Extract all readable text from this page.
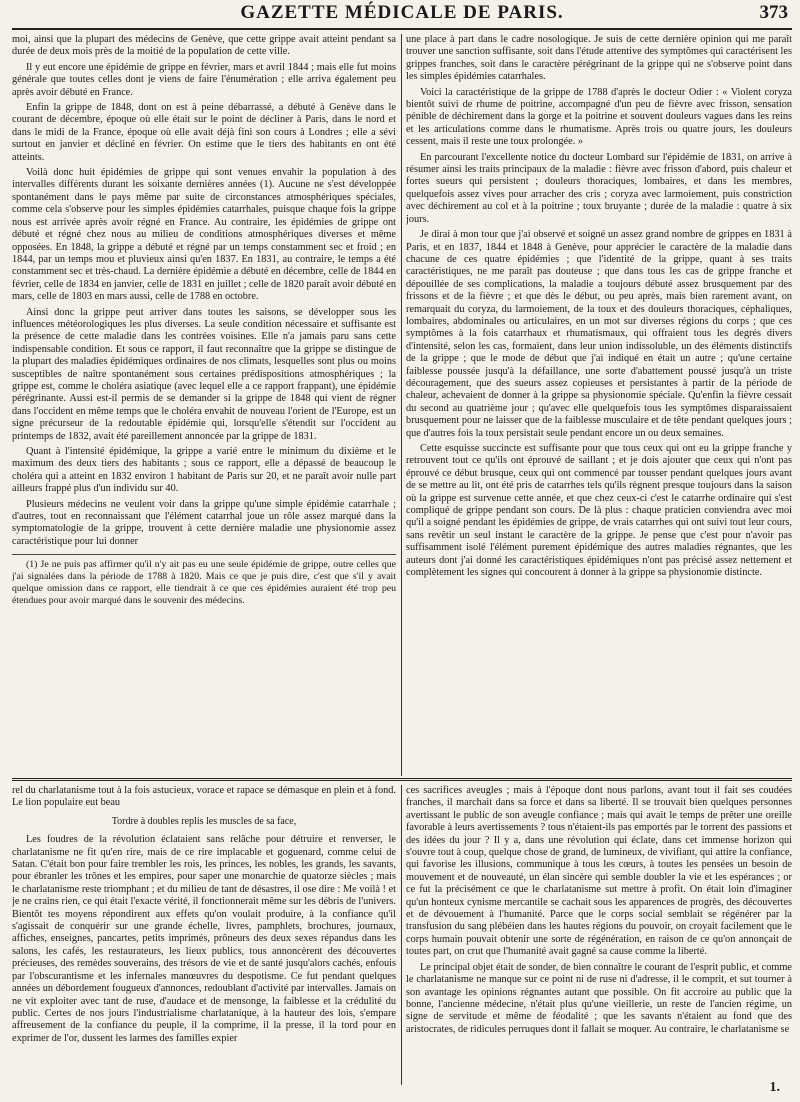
GAZETTE MÉDICALE DE PARIS.	373

moi, ainsi que la plupart des médecins de Genève, que cette grippe avait atteint pendant sa durée de deux mois près de la moitié de la population de cette ville.

Il y eut encore une épidémie de grippe en février, mars et avril 1844 ; mais elle fut moins générale que toutes celles dont je viens de faire l'énumération ; elle arriva également peu après avoir débuté en France.

Enfin la grippe de 1848, dont on est à peine débarrassé, a débuté à Genève dans le courant de décembre, époque où elle était sur le point de décliner à Paris, dans le nord et dans le midi de la France, époque où elle avait déjà fini son cours à Londres ; elle a sévi surtout en janvier et décliné en février. On estime que le tiers des habitants en ont été atteints.

Voilà donc huit épidémies de grippe qui sont venues envahir la population à des intervalles différents durant les soixante dernières années (1). Aucune ne s'est développée spontanément dans le pays même par suite de circonstances atmosphériques spéciales, comme cela s'observe pour les simples épidémies catarrhales, puisque chaque fois la grippe nous est arrivée après avoir régné en France. Au contraire, les épidémies de grippe ont débuté et régné chez nous au milieu de conditions atmosphériques diverses et même opposées. En 1848, la grippe a débuté et régné par un temps constamment sec et froid ; en 1844, par un temps mou et pluvieux ainsi qu'en 1837. En 1831, au contraire, le temps a été constamment sec et très-chaud. La dernière épidémie a débuté en décembre, celle de 1844 en février, celle de 1834 en janvier, celle de 1831 en juillet ; celle de 1820 paraît avoir débuté en mars, celle de 1803 en mars aussi, celle de 1788 en octobre.

Ainsi donc la grippe peut arriver dans toutes les saisons, se développer sous les influences météorologiques les plus diverses. La seule condition nécessaire et suffisante est la présence de cette maladie dans les contrées voisines. Elle n'a jamais paru sans cette indispensable condition. Et sous ce rapport, il faut reconnaître que la grippe se distingue de la plupart des maladies épidémiques ordinaires de nos climats, lesquelles sont plus ou moins susceptibles de naître spontanément sous certaines prédispositions atmosphériques ; la grippe est, comme le choléra asiatique (avec lequel elle a ce rapport frappant), une épidémie pérégrinante. Aussi est-il permis de se demander si la grippe de 1848 qui vient de régner dans l'occident en même temps que le choléra envahit de nouveau l'orient de l'Europe, est un signe précurseur de la redoutable épidémie qui, lorsqu'elle s'étendit sur l'occident au printemps de 1832, avait été pareillement annoncée par la grippe de 1831.

Quant à l'intensité épidémique, la grippe a varié entre le minimum du dixième et le maximum des deux tiers des habitants ; sous ce rapport, elle a dépassé de beaucoup le choléra qui a atteint en 1832 environ 1 habitant de Paris sur 20, et ne paraît avoir nulle part ailleurs frappé plus d'un individu sur 40.

Plusieurs médecins ne veulent voir dans la grippe qu'une simple épidémie catarrhale ; d'autres, tout en reconnaissant que l'élément catarrhal joue un rôle assez marqué dans la symptomatologie de la grippe, trouvent à cette dernière maladie une physionomie assez caractéristique pour lui donner

(1) Je ne puis pas affirmer qu'il n'y ait pas eu une seule épidémie de grippe, outre celles que j'ai signalées dans la période de 1788 à 1820. Mais ce que je puis dire, c'est que s'il y avait quelque omission dans ce rapport, elle tiendrait à ce que ces épidémies auraient été trop peu étendues pour avoir marqué dans le souvenir des médecins.

une place à part dans le cadre nosologique. Je suis de cette dernière opinion qui me paraît trouver une sanction suffisante, soit dans l'étude attentive des symptômes qui caractérisent les grippes franches, soit dans le caractère pérégrinant de la grippe qui ne s'observe point dans les simples épidémies catarrhales.

Voici la caractéristique de la grippe de 1788 d'après le docteur Odier : « Violent coryza bientôt suivi de rhume de poitrine, accompagné d'un peu de fièvre avec frisson, sensation pénible de déchirement dans la gorge et la poitrine et souvent douleurs vagues dans les reins et les articulations comme dans le rhumatisme. Après trois ou quatre jours, les douleurs cessent, mais il reste une toux prolongée. »

En parcourant l'excellente notice du docteur Lombard sur l'épidémie de 1831, on arrive à résumer ainsi les traits principaux de la maladie : fièvre avec frisson d'abord, puis chaleur et fortes sueurs qui persistent ; douleurs thoraciques, lombaires, et dans les membres, quelquefois assez vives pour arracher des cris ; coryza avec larmoiement, puis constriction avec déchirement au col et à la poitrine ; toux bruyante ; durée de la maladie : quatre à six jours.

Je dirai à mon tour que j'ai observé et soigné un assez grand nombre de grippes en 1831 à Paris, et en 1837, 1844 et 1848 à Genève, pour apprécier le caractère de la maladie dans chacune de ces quatre épidémies ; que l'identité de la grippe, quant à ses traits caractéristiques, ne me paraît pas douteuse ; que dans tous les cas de grippe franche et dépouillée de ses complications, la maladie a toujours débuté assez brusquement par des frissons et de la fièvre ; et que dès le début, ou peu après, mais bien rarement avant, on remarquait du coryza, du larmoiement, de la toux et des douleurs thoraciques, céphaliques, lombaires, abdominales ou articulaires, en un mot sur diverses régions du corps ; que ces symptômes à la fois catarrhaux et rhumatismaux, qui offraient tous les degrés divers d'intensité, selon les cas, formaient, dans leur union indissoluble, un des éléments distinctifs de la grippe ; que le mode de début que j'ai indiqué en était un autre ; qu'une certaine faiblesse poussée jusqu'à la défaillance, une sorte d'abattement poussé jusqu'à un triste découragement, que des sueurs assez copieuses et persistantes à partir de la période de chaleur, achevaient de donner à la grippe sa physionomie spéciale. Qu'enfin la fièvre cessait du second au quatrième jour ; qu'avec elle quelquefois tous les symptômes disparaissaient brusquement pour ne laisser que de la faiblesse musculaire et de tête pendant quelques jours ; que d'autres fois la toux persistait seule pendant encore un ou deux semaines.

Cette esquisse succincte est suffisante pour que tous ceux qui ont eu la grippe franche y retrouvent tout ce qu'ils ont éprouvé de saillant ; et je dois ajouter que ceux qui n'ont pas éprouvé ce début brusque, ceux qui ont commencé par tousser pendant quelques jours avant de se mettre au lit, ont été pris de catarrhes tels qu'ils règnent presque toujours dans la saison où la grippe est survenue cette année, et que chez ceux-ci c'est le catarrhe ordinaire qui s'est compliqué de grippe pendant son cours. De là plus : chaque praticien conviendra avec moi qu'il a soigné pendant les épidémies de grippe, de vrais catarrhes qui ont suivi tout leur cours, sans revêtir un seul instant le caractère de la grippe. Je pense que c'est pour n'avoir pas suffisamment isolé l'élément purement épidémique des autres maladies régnantes, que les auteurs dont j'ai donné les caractéristiques épidémiques n'ont pas précisé assez nettement et complètement les signes qui concourent à donner à la grippe sa physionomie distincte.

rel du charlatanisme tout à la fois astucieux, vorace et rapace se démasque en plein et à fond. Le lion populaire eut beau

Tordre à doubles replis les muscles de sa face,

Les foudres de la révolution éclataient sans relâche pour détruire et renverser, le charlatanisme ne fit qu'en rire, mais de ce rire implacable et goguenard, comme celui de Satan. C'était bon pour faire trembler les rois, les princes, les nobles, les grands, les savants, pour ébranler les trônes et les empires, pour saper une monarchie de quatorze siècles ; mais le charlatanisme reste triomphant ; et du milieu de tant de désastres, il ose dire : Me voilà ! et je ne crains rien, ce qui était l'exacte vérité, il fonctionnerait même sur les débris de l'univers. Bientôt tes moyens répondirent aux effets qu'on voulait produire, à la confiance qu'il s'agissait de conquérir sur une grande échelle, livres, pamphlets, brochures, journaux, affiches, enseignes, pancartes, petits imprimés, prôneurs des deux sexes répandus dans les salons, les cafés, les restaurateurs, les lieux publics, tous annoncèrent des découvertes précieuses, des remèdes souverains, des trésors de vie et de santé jusqu'alors cachés, enfouis par l'obscurantisme et les infernales manœuvres du despotisme. Ce fut pendant quelques années un débordement fougueux d'annonces, redoublant d'activité par intervalles. Jamais on ne vit exploiter avec tant de ruse, d'audace et de mensonge, la faiblesse et la crédulité du public. Certes de nos jours l'industrialisme charlatanique, à la hauteur des lois, s'empare affreusement de la confiance du peuple, il la comprime, il la presse, il la tord pour en exprimer de l'or, dussent les larmes des familles expier

ces sacrifices aveugles ; mais à l'époque dont nous parlons, avant tout il fait ses coudées franches, il marchait dans sa force et dans sa liberté. Il se trouvait bien quelques personnes avertissant le public de son aveugle confiance ; mais qui avait le temps de prêter une oreille favorable à leurs avertissements ? tous n'étaient-ils pas emportés par le torrent des passions et des idées du jour ? Il y a, dans une révolution qui éclate, dans cet immense horizon qui s'ouvre tout à coup, quelque chose de grand, de lumineux, de vivifiant, qui attire la confiance, qui favorise les illusions, communique à tous les cœurs, à toutes les pensées un besoin de mouvement et de nouveauté, un élan sincère qui semble doubler la vie et les espérances ; or ce fut la précisément ce que le charlatanisme sut mettre à profit. On était loin d'imaginer qu'un honteux cynisme mercantile se cachait sous les apparences de progrès, des découvertes et de dévouement à l'humanité. Parce que le corps social semblait se régénérer par la transfusion du sang plébéien dans les hautes régions du pouvoir, on croyait facilement que le corps humain pouvait obtenir une sorte de régénération, en raison de ce qu'on annonçait de toutes part, on crut que l'humanité avait gagné sa cause comme la liberté.

Le principal objet était de sonder, de bien connaître le courant de l'esprit public, et comme le charlatanisme ne manque sur ce point ni de ruse ni d'adresse, il le comprit, et sut tourner à son avantage les opinions régnantes autant que possible. On fit accroire au public que la bonne, l'ancienne médecine, n'était plus qu'une vieillerie, un reste de l'ancien régime, un signe de servitude et même de féodalité ; que les savants n'étaient au fond que des aristocrates, de ridicules perruques dont il fallait se moquer. Au contraire, le charlatanisme se

1.
